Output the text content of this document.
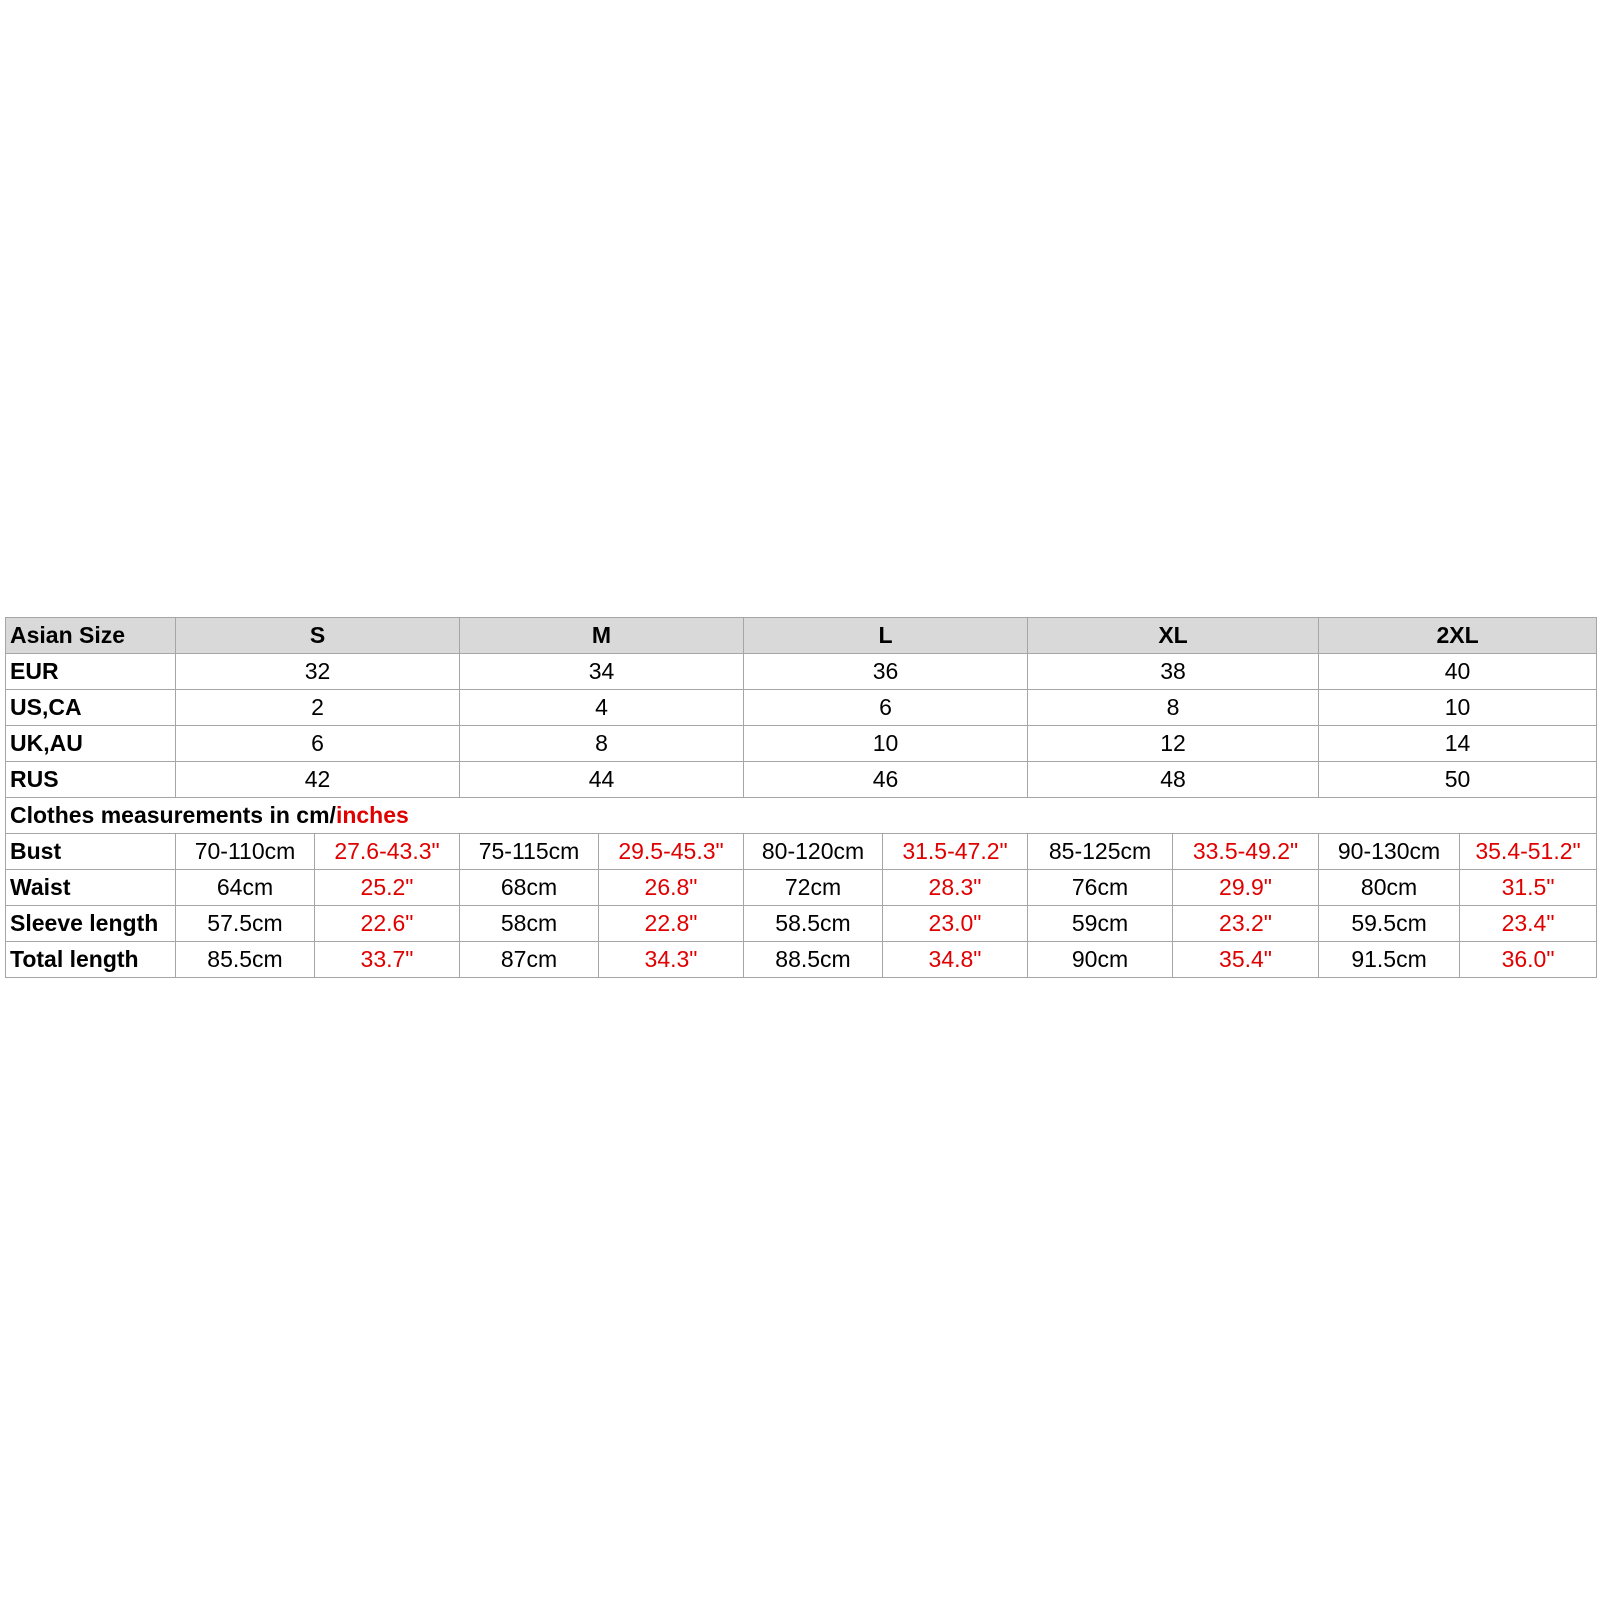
Asian Size	S		M		L		XL		2XL	
EUR	32		34		36		38		40	
US,CA	2		4		6		8		10	
UK,AU	6		8		10		12		14	
RUS	42		44		46		48		50	
Clothes measurements in cm/inches										
Bust	70-110cm	27.6-43.3"	75-115cm	29.5-45.3"	80-120cm	31.5-47.2"	85-125cm	33.5-49.2"	90-130cm	35.4-51.2"
Waist	64cm	25.2"	68cm	26.8"	72cm	28.3"	76cm	29.9"	80cm	31.5"
Sleeve length	57.5cm	22.6"	58cm	22.8"	58.5cm	23.0"	59cm	23.2"	59.5cm	23.4"
Total length	85.5cm	33.7"	87cm	34.3"	88.5cm	34.8"	90cm	35.4"	91.5cm	36.0"
